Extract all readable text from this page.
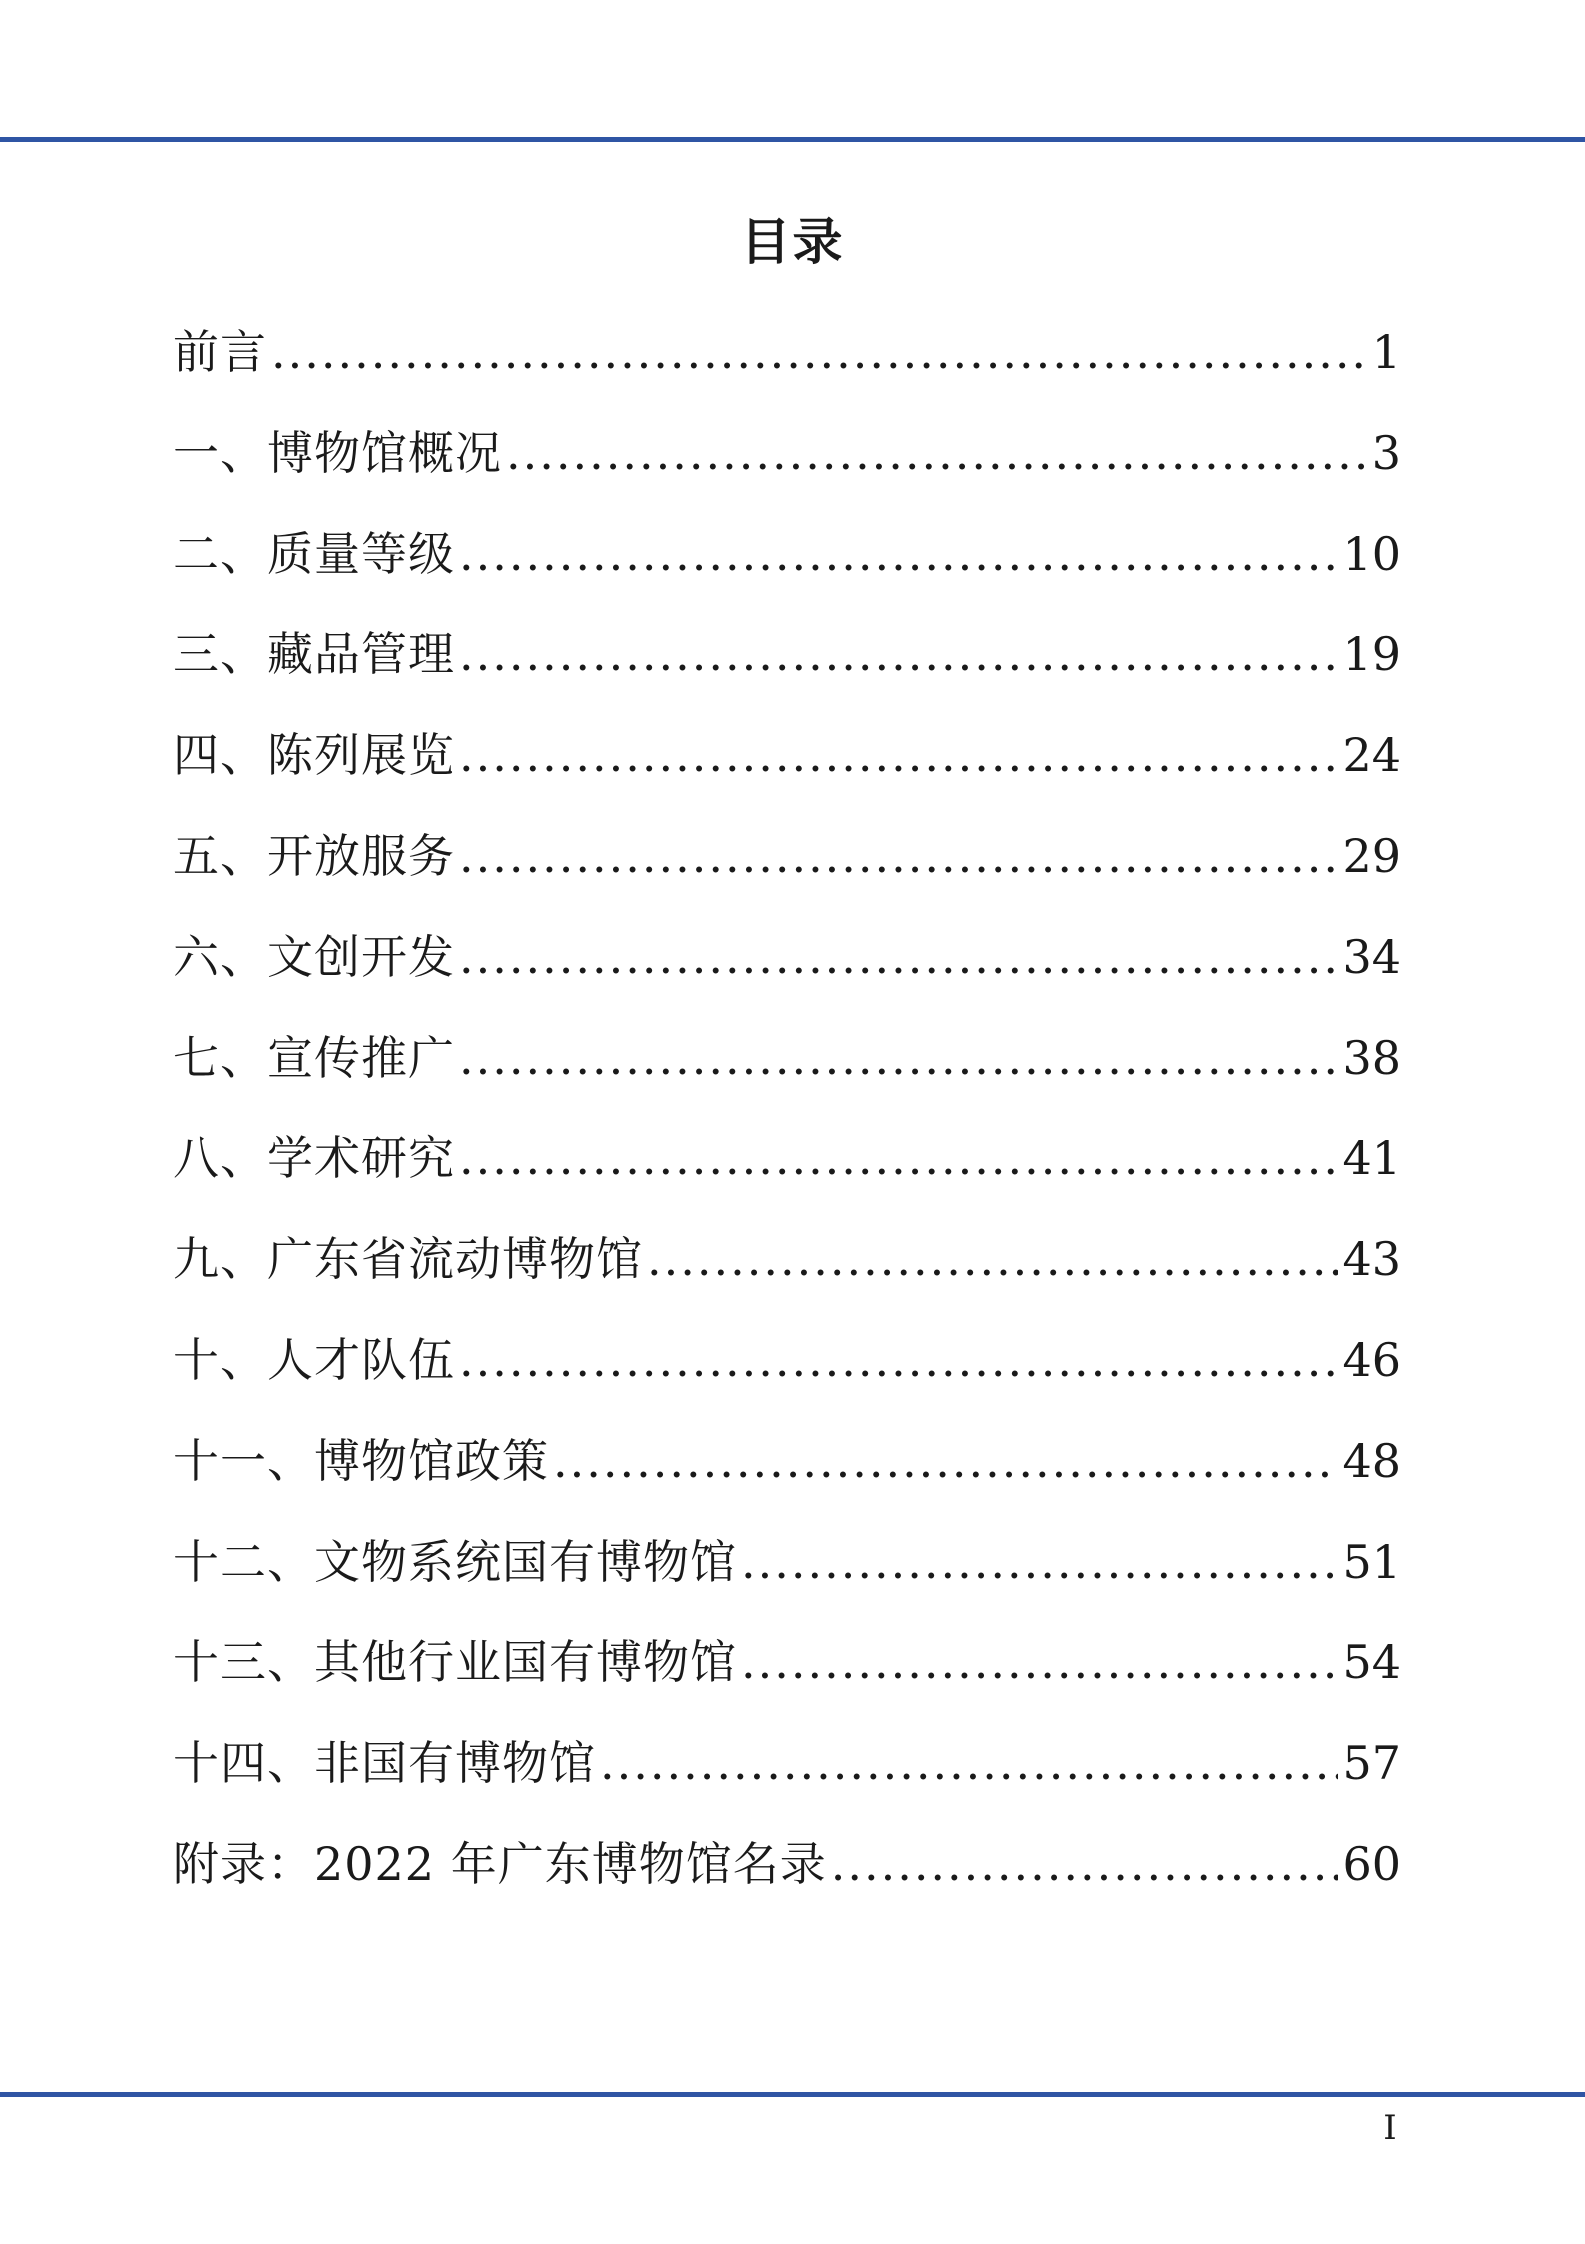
目录
前言 .....	1
一、博物馆概况 .....	3
二、质量等级 .....	10
三、藏品管理 .....	19
四、陈列展览 .....	24
五、开放服务 .....	29
六、文创开发 .....	34
七、宣传推广 .....	38
八、学术研究 .....	41
九、广东省流动博物馆 .....	43
十、人才队伍 .....	46
十一、博物馆政策 .....	48
十二、文物系统国有博物馆 .....	51
十三、其他行业国有博物馆 .....	54
十四、非国有博物馆 .....	57
附录：2022 年广东博物馆名录 .....	60
I
